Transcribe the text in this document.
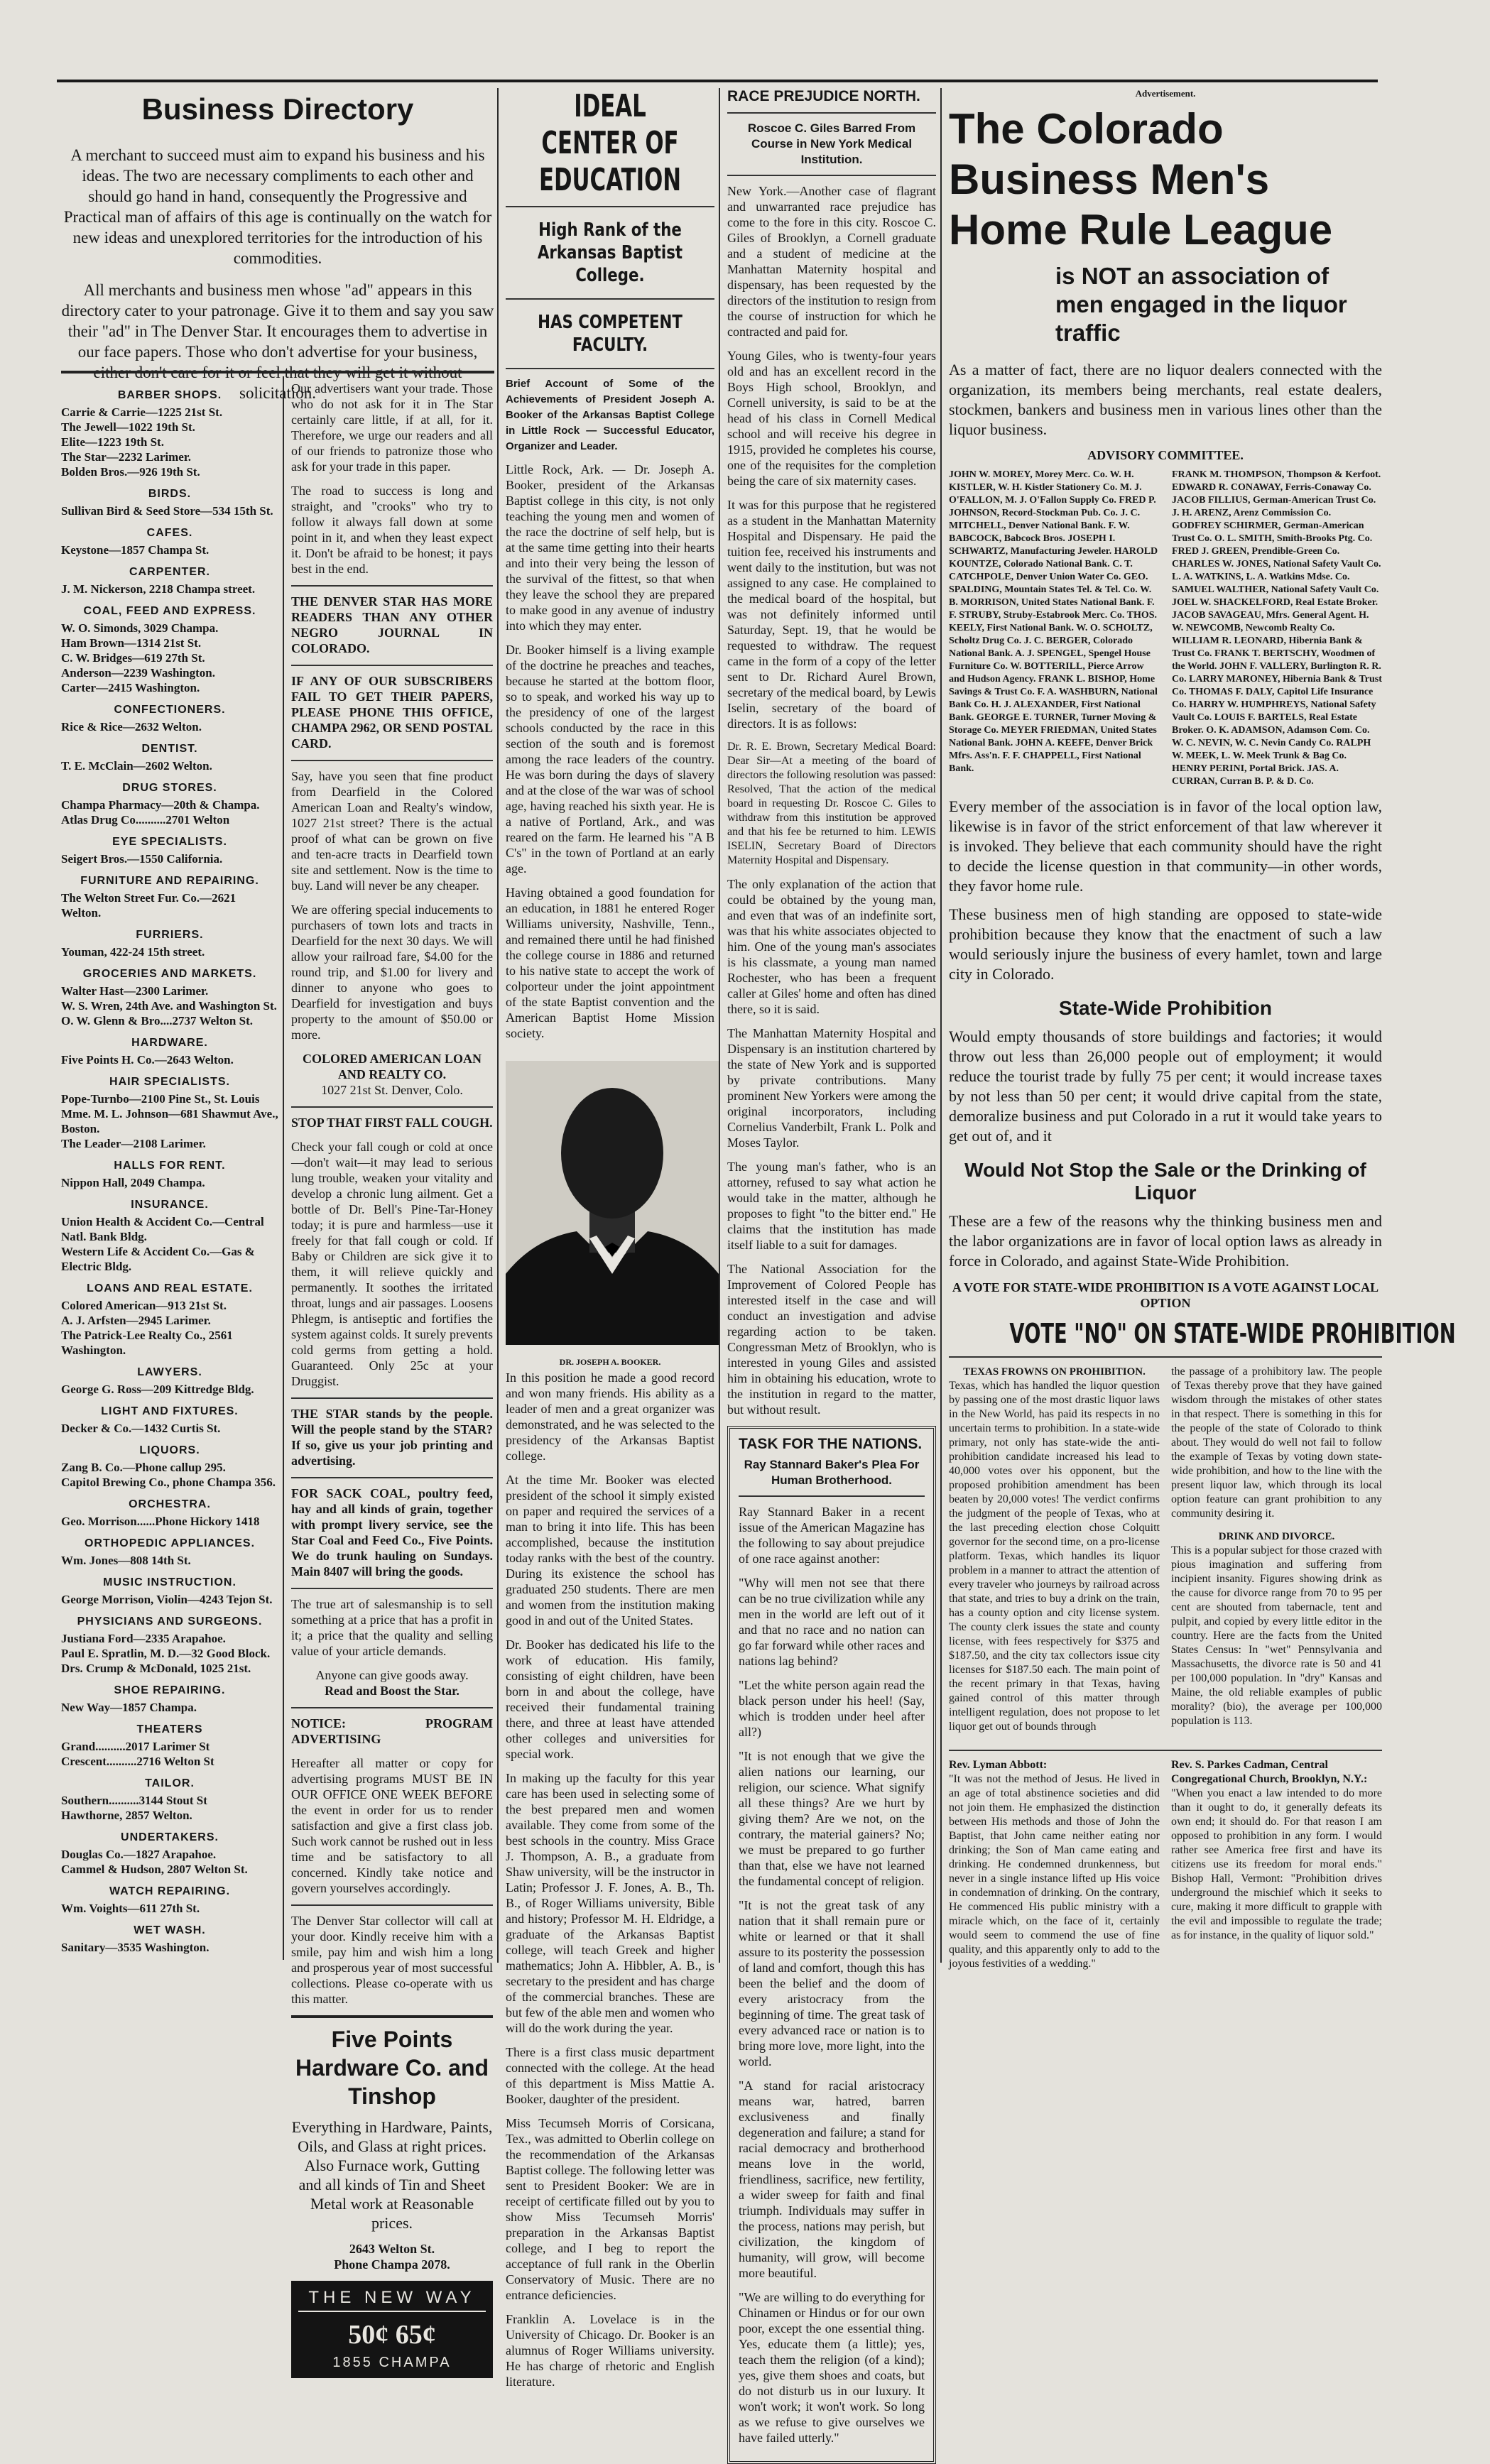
Business Directory

A merchant to succeed must aim to expand his business and his ideas. The two are necessary compliments to each other and should go hand in hand, consequently the Progressive and Practical man of affairs of this age is continually on the watch for new ideas and unexplored territories for the introduction of his commodities.

All merchants and business men whose "ad" appears in this directory cater to your patronage. Give it to them and say you saw their "ad" in The Denver Star. It encourages them to advertise in our face papers. Those who don't advertise for your business, solicitation.

BARBER SHOPS.
Carrie & Carrie—1225 21st St.
The Jewell—1022 19th St.
Elite—1223 19th St.
The Star—2232 Larimer.
Bolden Bros.—926 19th St.
BIRDS.
Sullivan Bird & Seed Store—534 15th St.
CAFES.
Keystone—1857 Champa St.
CARPENTER.
J. M. Nickerson, 2218 Champa street.
COAL, FEED AND EXPRESS.
W. O. Simonds, 3029 Champa.
Ham Brown—1314 21st St.
C. W. Bridges—619 27th St.
Anderson—2239 Washington.
Carter—2415 Washington.
CONFECTIONERS.
Rice & Rice—2632 Welton.
DENTIST.
T. E. McClain—2602 Welton.
DRUG STORES.
Champa Pharmacy—20th & Champa.
Atlas Drug Co..........2701 Welton
EYE SPECIALISTS.
Seigert Bros.—1550 California.
FURNITURE AND REPAIRING.
The Welton Street Fur. Co.—2621 Welton.
FURRIERS.
Youman, 422-24 15th street.
GROCERIES AND MARKETS.
Walter Hast—2300 Larimer.
W. S. Wren, 24th Ave. and Washington St.
O. W. Glenn & Bro....2737 Welton St.
HARDWARE.
Five Points H. Co.—2643 Welton.
HAIR SPECIALISTS.
Pope-Turnbo—2100 Pine St., St. Louis
Mme. M. L. Johnson—681 Shawmut Ave., Boston.
The Leader—2108 Larimer.
HALLS FOR RENT.
Nippon Hall, 2049 Champa.
INSURANCE.
Union Health & Accident Co.—Central Natl. Bank Bldg.
Western Life & Accident Co.—Gas & Electric Bldg.
LOANS AND REAL ESTATE.
Colored American—913 21st St.
A. J. Arfsten—2945 Larimer.
The Patrick-Lee Realty Co., 2561 Washington.
LAWYERS.
George G. Ross—209 Kittredge Bldg.
LIGHT AND FIXTURES.
Decker & Co.—1432 Curtis St.
LIQUORS.
Zang B. Co.—Phone callup 295.
Capitol Brewing Co., phone Champa 356.
ORCHESTRA.
Geo. Morrison......Phone Hickory 1418
ORTHOPEDIC APPLIANCES.
Wm. Jones—808 14th St.
MUSIC INSTRUCTION.
George Morrison, Violin—4243 Tejon St.
PHYSICIANS AND SURGEONS.
Justiana Ford—2335 Arapahoe.
Paul E. Spratlin, M. D.—32 Good Block.
Drs. Crump & McDonald, 1025 21st.
SHOE REPAIRING.
New Way—1857 Champa.
THEATERS
Grand..........2017 Larimer St
Crescent..........2716 Welton St
TAILOR.
Southern..........3144 Stout St
Hawthorne, 2857 Welton.
UNDERTAKERS.
Douglas Co.—1827 Arapahoe.
Cammel & Hudson, 2807 Welton St.
WATCH REPAIRING.
Wm. Voights—611 27th St.
WET WASH.
Sanitary—3535 Washington.

Our advertisers want your trade. Those who do not ask for it in The Star certainly care little, if at all, for it. Therefore, we urge our readers and all of our friends to patronize those who ask for your trade in this paper.

The road to success is long and straight, and "crooks" who try to follow it always fall down at some point in it, and when they least expect it. Don't be afraid to be honest; it pays best in the end.

THE DENVER STAR HAS MORE READERS THAN ANY OTHER NEGRO JOURNAL IN COLORADO.

IF ANY OF OUR SUBSCRIBERS FAIL TO GET THEIR PAPERS, PLEASE PHONE THIS OFFICE, CHAMPA 2962, OR SEND POSTAL CARD.

Say, have you seen that fine product from Dearfield in the Colored American Loan and Realty's window, 1027 21st street? There is the actual proof of what can be grown on five and ten-acre tracts in Dearfield town site and settlement. Now is the time to buy. Land will never be any cheaper.

We are offering special inducements to purchasers of town lots and tracts in Dearfield for the next 30 days. We will allow your railroad fare, $4.00 for the round trip, and $1.00 for livery and dinner to anyone who goes to Dearfield for investigation and buys property to the amount of $50.00 or more.

COLORED AMERICAN LOAN AND REALTY CO.

1027 21st St. Denver, Colo.

STOP THAT FIRST FALL COUGH.

Check your fall cough or cold at once—don't wait—it may lead to serious lung trouble, weaken your vitality and develop a chronic lung ailment. Get a bottle of Dr. Bell's Pine-Tar-Honey today; it is pure and harmless—use it freely for that fall cough or cold. If Baby or Children are sick give it to them, it will relieve quickly and permanently. It soothes the irritated throat, lungs and air passages. Loosens Phlegm, is antiseptic and fortifies the system against colds. It surely prevents cold germs from getting a hold. Guaranteed. Only 25c at your Druggist.

THE STAR stands by the people. Will the people stand by the STAR? If so, give us your job printing and advertising.

FOR SACK COAL, poultry feed, hay and all kinds of grain, together with prompt livery service, see the Star Coal and Feed Co., Five Points. We do trunk hauling on Sundays. Main 8407 will bring the goods.

The true art of salesmanship is to sell something at a price that has a profit in it; a price that the quality and selling value of your article demands.

Anyone can give goods away.

Read and Boost the Star.

NOTICE: PROGRAM ADVERTISING

Hereafter all matter or copy for advertising programs MUST BE IN OUR OFFICE ONE WEEK BEFORE the event in order for us to render satisfaction and give a first class job. Such work cannot be rushed out in less time and be satisfactory to all concerned. Kindly take notice and govern yourselves accordingly.

The Denver Star collector will call at your door. Kindly receive him with a smile, pay him and wish him a long and prosperous year of most successful collections. Please co-operate with us this matter.

Five Points Hardware Co. and Tinshop

Everything in Hardware, Paints, Oils, and Glass at right prices. Also Furnace work, Gutting and all kinds of Tin and Sheet Metal work at Reasonable prices.

2643 Welton St.
Phone Champa 2078.
THE NEW WAY
50¢ 65¢
1855 CHAMPA
IDEAL CENTER OF EDUCATION
High Rank of the Arkansas Baptist College.
HAS COMPETENT FACULTY.
Brief Account of Some of the Achievements of President Joseph A. Booker of the Arkansas Baptist College in Little Rock — Successful Educator, Organizer and Leader.

Little Rock, Ark. — Dr. Joseph A. Booker, president of the Arkansas Baptist college in this city, is not only teaching the young men and women of the race the doctrine of self help, but is at the same time getting into their hearts and into their very being the lesson of the survival of the fittest, so that when they leave the school they are prepared to make good in any avenue of industry into which they may enter.

Dr. Booker himself is a living example of the doctrine he preaches and teaches, because he started at the bottom floor, so to speak, and worked his way up to the presidency of one of the largest schools conducted by the race in this section of the south and is foremost among the race leaders of the country. He was born during the days of slavery and at the close of the war was of school age, having reached his sixth year. He is a native of Portland, Ark., and was reared on the farm. He learned his "A B C's" in the town of Portland at an early age.

Having obtained a good foundation for an education, in 1881 he entered Roger Williams university, Nashville, Tenn., and remained there until he had finished the college course in 1886 and returned to his native state to accept the work of colporteur under the joint appointment of the state Baptist convention and the American Baptist Home Mission society.

DR. JOSEPH A. BOOKER.

In this position he made a good record and won many friends. His ability as a leader of men and a great organizer was demonstrated, and he was selected to the presidency of the Arkansas Baptist college.

At the time Mr. Booker was elected president of the school it simply existed on paper and required the services of a man to bring it into life. This has been accomplished, because the institution today ranks with the best of the country. During its existence the school has graduated 250 students. There are men and women from the institution making good in and out of the United States.

Dr. Booker has dedicated his life to the work of education. His family, consisting of eight children, have been born in and about the college, have received their fundamental training there, and three at least have attended other colleges and universities for special work.

In making up the faculty for this year care has been used in selecting some of the best prepared men and women available. They come from some of the best schools in the country. Miss Grace J. Thompson, A. B., a graduate from Shaw university, will be the instructor in Latin; Professor J. F. Jones, A. B., Th. B., of Roger Williams university, Bible and history; Professor M. H. Eldridge, a graduate of the Arkansas Baptist college, will teach Greek and higher mathematics; John A. Hibbler, A. B., is secretary to the president and has charge of the commercial branches. These are but few of the able men and women who will do the work during the year.

There is a first class music department connected with the college. At the head of this department is Miss Mattie A. Booker, daughter of the president.

Miss Tecumseh Morris of Corsicana, Tex., was admitted to Oberlin college on the recommendation of the Arkansas Baptist college. The following letter was sent to President Booker: We are in receipt of certificate filled out by you to show Miss Tecumseh Morris' preparation in the Arkansas Baptist college, and I beg to report the acceptance of full rank in the Oberlin Conservatory of Music. There are no entrance deficiencies.

Franklin A. Lovelace is in the University of Chicago. Dr. Booker is an alumnus of Roger Williams university. He has charge of rhetoric and English literature.

RACE PREJUDICE NORTH.
Roscoe C. Giles Barred From Course in New York Medical Institution.

New York.—Another case of flagrant and unwarranted race prejudice has come to the fore in this city. Roscoe C. Giles of Brooklyn, a Cornell graduate and a student of medicine at the Manhattan Maternity hospital and dispensary, has been requested by the directors of the institution to resign from the course of instruction for which he contracted and paid for.

Young Giles, who is twenty-four years old and has an excellent record in the Boys High school, Brooklyn, and Cornell university, is said to be at the head of his class in Cornell Medical school and will receive his degree in 1915, provided he completes his course, one of the requisites for the completion being the care of six maternity cases.

It was for this purpose that he registered as a student in the Manhattan Maternity Hospital and Dispensary. He paid the tuition fee, received his instruments and went daily to the institution, but was not assigned to any case. He complained to the medical board of the hospital, but was not definitely informed until Saturday, Sept. 19, that he would be requested to withdraw. The request came in the form of a copy of the letter sent to Dr. Richard Aurel Brown, secretary of the medical board, by Lewis Iselin, secretary of the board of directors. It is as follows:

Dr. R. E. Brown, Secretary Medical Board: Dear Sir—At a meeting of the board of directors the following resolution was passed: Resolved, That the action of the medical board in requesting Dr. Roscoe C. Giles to withdraw from this institution be approved and that his fee be returned to him. LEWIS ISELIN, Secretary Board of Directors Maternity Hospital and Dispensary.

The only explanation of the action that could be obtained by the young man, and even that was of an indefinite sort, was that his white associates objected to him. One of the young man's associates is his classmate, a young man named Rochester, who has been a frequent caller at Giles' home and often has dined there, so it is said.

The Manhattan Maternity Hospital and Dispensary is an institution chartered by the state of New York and is supported by private contributions. Many prominent New Yorkers were among the original incorporators, including Cornelius Vanderbilt, Frank L. Polk and Moses Taylor.

The young man's father, who is an attorney, refused to say what action he would take in the matter, although he proposes to fight "to the bitter end." He claims that the institution has made itself liable to a suit for damages.

The National Association for the Improvement of Colored People has interested itself in the case and will conduct an investigation and advise regarding action to be taken. Congressman Metz of Brooklyn, who is interested in young Giles and assisted him in obtaining his education, wrote to the institution in regard to the matter, but without result.

TASK FOR THE NATIONS.
Ray Stannard Baker's Plea For Human Brotherhood.

Ray Stannard Baker in a recent issue of the American Magazine has the following to say about prejudice of one race against another:

"Why will men not see that there can be no true civilization while any men in the world are left out of it and that no race and no nation can go far forward while other races and nations lag behind?

"Let the white person again read the black person under his heel! (Say, which is trodden under heel after all?)

"It is not enough that we give the alien nations our learning, our religion, our science. What signify all these things? Are we hurt by giving them? Are we not, on the contrary, the material gainers? No; we must be prepared to go further than that, else we have not learned the fundamental concept of religion.

"It is not the great task of any nation that it shall remain pure or white or learned or that it shall assure to its posterity the possession of land and comfort, though this has been the belief and the doom of every aristocracy from the beginning of time. The great task of every advanced race or nation is to bring more love, more light, into the world.

"A stand for racial aristocracy means war, hatred, barren exclusiveness and finally degeneration and failure; a stand for racial democracy and brotherhood means love in the world, friendliness, sacrifice, new fertility, a wider sweep for faith and final triumph. Individuals may suffer in the process, nations may perish, but civilization, the kingdom of humanity, will grow, will become more beautiful.

"We are willing to do everything for Chinamen or Hindus or for our own poor, except the one essential thing. Yes, educate them (a little); yes, teach them the religion (of a kind); yes, give them shoes and coats, but do not disturb us in our luxury. It won't work; it won't work. So long as we refuse to give ourselves we have failed utterly."

Advertisement.
The Colorado Business Men's Home Rule League
is NOT an association of men engaged in the liquor traffic

As a matter of fact, there are no liquor dealers connected with the organization, its members being merchants, real estate dealers, stockmen, bankers and business men in various lines other than the liquor business.

ADVISORY COMMITTEE.
JOHN W. MOREY, Morey Merc. Co. W. H. KISTLER, W. H. Kistler Stationery Co. M. J. O'FALLON, M. J. O'Fallon Supply Co. FRED P. JOHNSON, Record-Stockman Pub. Co. J. C. MITCHELL, Denver National Bank. F. W. BABCOCK, Babcock Bros. JOSEPH I. SCHWARTZ, Manufacturing Jeweler. HAROLD KOUNTZE, Colorado National Bank. C. T. CATCHPOLE, Denver Union Water Co. GEO. SPALDING, Mountain States Tel. & Tel. Co. W. B. MORRISON, United States National Bank. F. F. STRUBY, Struby-Estabrook Merc. Co. THOS. KEELY, First National Bank. W. O. SCHOLTZ, Scholtz Drug Co. J. C. BERGER, Colorado National Bank. A. J. SPENGEL, Spengel House Furniture Co. W. BOTTERILL, Pierce Arrow and Hudson Agency. FRANK L. BISHOP, Home Savings & Trust Co. F. A. WASHBURN, National Bank Co. H. J. ALEXANDER, First National Bank. GEORGE E. TURNER, Turner Moving & Storage Co. MEYER FRIEDMAN, United States National Bank. JOHN A. KEEFE, Denver Brick Mfrs. Ass'n. F. F. CHAPPELL, First National Bank.
FRANK M. THOMPSON, Thompson & Kerfoot. EDWARD R. CONAWAY, Ferris-Conaway Co. JACOB FILLIUS, German-American Trust Co. J. H. ARENZ, Arenz Commission Co. GODFREY SCHIRMER, German-American Trust Co. O. L. SMITH, Smith-Brooks Ptg. Co. FRED J. GREEN, Prendible-Green Co. CHARLES W. JONES, National Safety Vault Co. L. A. WATKINS, L. A. Watkins Mdse. Co. SAMUEL WALTHER, National Safety Vault Co. JOEL W. SHACKELFORD, Real Estate Broker. JACOB SAVAGEAU, Mfrs. General Agent. H. W. NEWCOMB, Newcomb Realty Co. WILLIAM R. LEONARD, Hibernia Bank & Trust Co. FRANK T. BERTSCHY, Woodmen of the World. JOHN F. VALLERY, Burlington R. R. Co. LARRY MARONEY, Hibernia Bank & Trust Co. THOMAS F. DALY, Capitol Life Insurance Co. HARRY W. HUMPHREYS, National Safety Vault Co. LOUIS F. BARTELS, Real Estate Broker. O. K. ADAMSON, Adamson Com. Co. W. C. NEVIN, W. C. Nevin Candy Co. RALPH W. MEEK, L. W. Meek Trunk & Bag Co. HENRY PERINI, Portal Brick. JAS. A. CURRAN, Curran B. P. & D. Co.

Every member of the association is in favor of the local option law, likewise is in favor of the strict enforcement of that law wherever it is invoked. They believe that each community should have the right to decide the license question in that community—in other words, they favor home rule.

These business men of high standing are opposed to state-wide prohibition because they know that the enactment of such a law would seriously injure the business of every hamlet, town and large city in Colorado.

State-Wide Prohibition

Would empty thousands of store buildings and factories; it would throw out less than 26,000 people out of employment; it would reduce the tourist trade by fully 75 per cent; it would increase taxes by not less than 50 per cent; it would drive capital from the state, demoralize business and put Colorado in a rut it would take years to get out of, and it

Would Not Stop the Sale or the Drinking of Liquor

These are a few of the reasons why the thinking business men and the labor organizations are in favor of local option laws as already in force in Colorado, and against State-Wide Prohibition.

A VOTE FOR STATE-WIDE PROHIBITION IS A VOTE AGAINST LOCAL OPTION
VOTE "NO" ON STATE-WIDE PROHIBITION
TEXAS FROWNS ON PROHIBITION.

Texas, which has handled the liquor question by passing one of the most drastic liquor laws in the New World, has paid its respects in no uncertain terms to prohibition. In a state-wide primary, not only has state-wide the anti-prohibition candidate increased his lead to 40,000 votes over his opponent, but the proposed prohibition amendment has been beaten by 20,000 votes! The verdict confirms the judgment of the people of Texas, who at the last preceding election chose Colquitt governor for the second time, on a pro-license platform. Texas, which handles its liquor problem in a manner to attract the attention of every traveler who journeys by railroad across that state, and tries to buy a drink on the train, has a county option and city license system. The county clerk issues the state and county license, with fees respectively for $375 and $187.50, and the city tax collectors issue city licenses for $187.50 each. The main point of the recent primary in that Texas, having gained control of this matter through intelligent regulation, does not propose to let liquor get out of bounds through

the passage of a prohibitory law. The people of Texas thereby prove that they have gained wisdom through the mistakes of other states in that respect. There is something in this for the people of the state of Colorado to think about. They would do well not fail to follow the example of Texas by voting down state-wide prohibition, and how to the line with the present liquor law, which through its local option feature can grant prohibition to any community desiring it.

DRINK AND DIVORCE.

This is a popular subject for those crazed with pious imagination and suffering from incipient insanity. Figures showing drink as the cause for divorce range from 70 to 95 per cent are shouted from tabernacle, tent and pulpit, and copied by every little editor in the country. Here are the facts from the United States Census: In "wet" Pennsylvania and Massachusetts, the divorce rate is 50 and 41 per 100,000 population. In "dry" Kansas and Maine, the old reliable examples of public morality? (bio), the average per 100,000 population is 113.

Rev. Lyman Abbott:

"It was not the method of Jesus. He lived in an age of total abstinence societies and did not join them. He emphasized the distinction between His methods and those of John the Baptist, that John came neither eating nor drinking; the Son of Man came eating and drinking. He condemned drunkenness, but never in a single instance lifted up His voice in condemnation of drinking. On the contrary, He commenced His public ministry with a miracle which, on the face of it, certainly would seem to commend the use of fine quality, and this apparently only to add to the joyous festivities of a wedding."

Rev. S. Parkes Cadman, Central Congregational Church, Brooklyn, N.Y.:

"When you enact a law intended to do more than it ought to do, it generally defeats its own end; it should do. For that reason I am opposed to prohibition in any form. I would rather see America free first and have its citizens use its freedom for moral ends." Bishop Hall, Vermont: "Prohibition drives underground the mischief which it seeks to cure, making it more difficult to grapple with the evil and impossible to regulate the trade; as for instance, in the quality of liquor sold."
